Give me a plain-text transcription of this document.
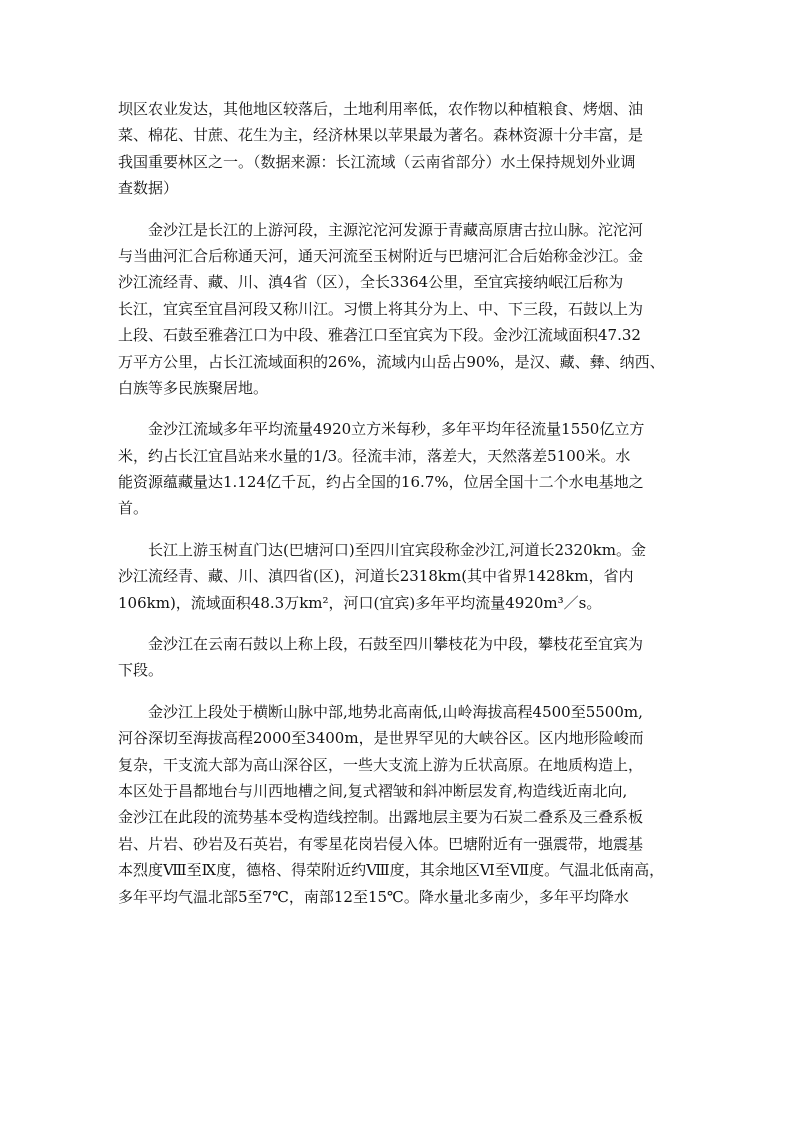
坝区农业发达，其他地区较落后，土地利用率低，农作物以种植粮食、烤烟、油
菜、棉花、甘蔗、花生为主，经济林果以苹果最为著名。森林资源十分丰富，是
我国重要林区之一。（数据来源：长江流域（云南省部分）水土保持规划外业调
查数据）
　　金沙江是长江的上游河段，主源沱沱河发源于青藏高原唐古拉山脉。沱沱河
与当曲河汇合后称通天河，通天河流至玉树附近与巴塘河汇合后始称金沙江。金
沙江流经青、藏、川、滇4省（区），全长3364公里，至宜宾接纳岷江后称为
长江，宜宾至宜昌河段又称川江。习惯上将其分为上、中、下三段，石鼓以上为
上段、石鼓至雅砻江口为中段、雅砻江口至宜宾为下段。金沙江流域面积47.32
万平方公里，占长江流域面积的26%，流域内山岳占90%，是汉、藏、彝、纳西、
白族等多民族聚居地。
　　金沙江流域多年平均流量4920立方米每秒，多年平均年径流量1550亿立方
米，约占长江宜昌站来水量的1/3。径流丰沛，落差大，天然落差5100米。水
能资源蕴藏量达1.124亿千瓦，约占全国的16.7%，位居全国十二个水电基地之
首。
　　长江上游玉树直门达(巴塘河口)至四川宜宾段称金沙江,河道长2320km。金
沙江流经青、藏、川、滇四省(区)，河道长2318km(其中省界1428km，省内
106km)，流域面积48.3万km²，河口(宜宾)多年平均流量4920m³／s。
　　金沙江在云南石鼓以上称上段，石鼓至四川攀枝花为中段，攀枝花至宜宾为
下段。
　　金沙江上段处于横断山脉中部,地势北高南低,山岭海拔高程4500至5500m,
河谷深切至海拔高程2000至3400m，是世界罕见的大峡谷区。区内地形险峻而
复杂，干支流大部为高山深谷区，一些大支流上游为丘状高原。在地质构造上，
本区处于昌都地台与川西地槽之间,复式褶皱和斜冲断层发育,构造线近南北向,
金沙江在此段的流势基本受构造线控制。出露地层主要为石炭二叠系及三叠系板
岩、片岩、砂岩及石英岩，有零星花岗岩侵入体。巴塘附近有一强震带，地震基
本烈度Ⅷ至Ⅸ度，德格、得荣附近约Ⅷ度，其余地区Ⅵ至Ⅶ度。气温北低南高，
多年平均气温北部5至7℃，南部12至15℃。降水量北多南少，多年平均降水
